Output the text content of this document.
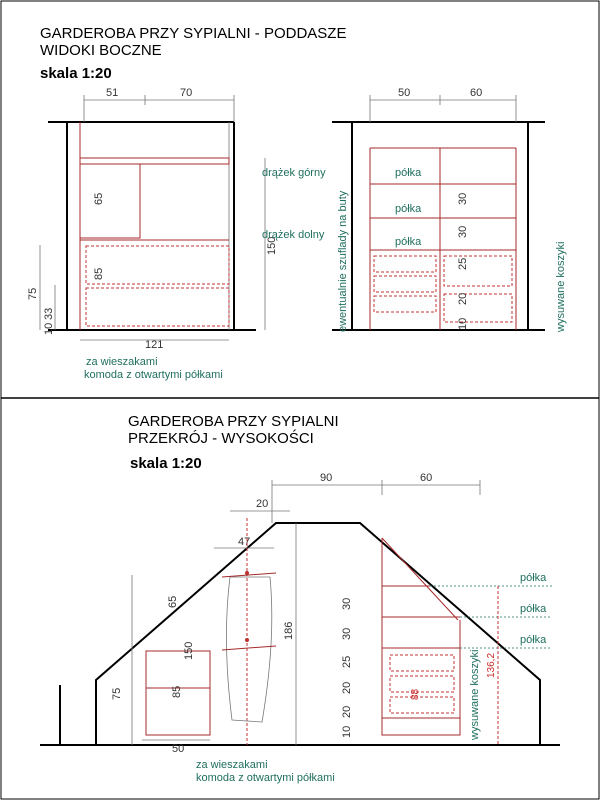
GARDEROBA PRZY SYPIALNI - PODDASZE
WIDOKI BOCZNE
skala 1:20
51	70
121
65
85
75
33
10
150
drążek górny
drążek dolny
za wieszakami
komoda z otwartymi półkami
50	60
30
30
25
20
10
półka
półka
półka
ewentualnie szuflady na buty	wysuwane koszyki
GARDEROBA PRZY SYPIALNI
PRZEKRÓJ - WYSOKOŚCI
skala 1:20
90	60
20
47
50
65
150
186
85
75
półka
półka
półka
30
30
25
20
20
10
88
136,2
wysuwane koszyki
za wieszakami
komoda z otwartymi półkami
